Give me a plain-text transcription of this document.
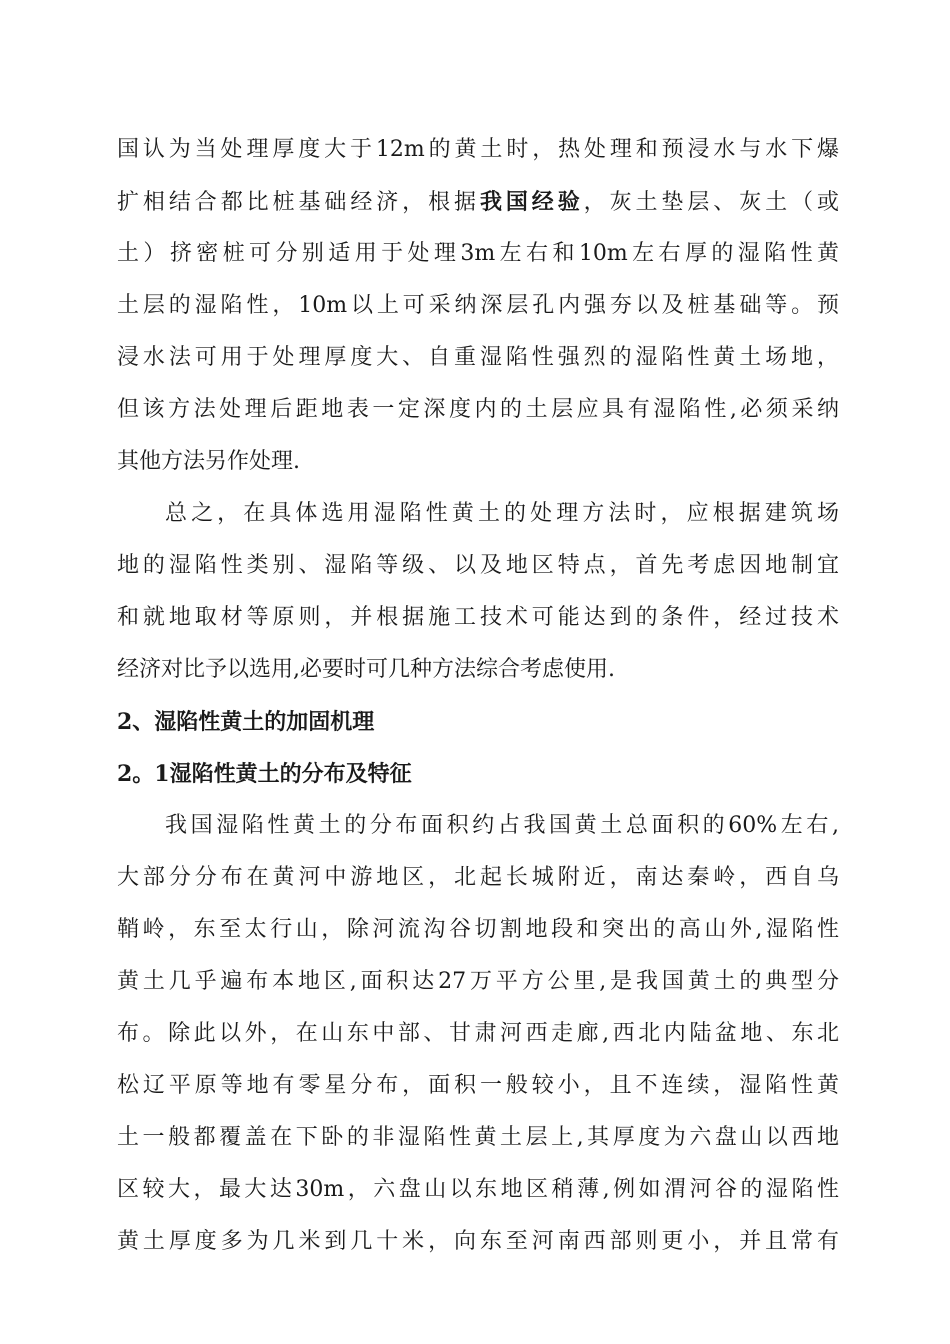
国认为当处理厚度大于12m的黄土时，热处理和预浸水与水下爆
扩相结合都比桩基础经济，根据我国经验，灰土垫层、灰土（或
土）挤密桩可分别适用于处理3m左右和10m左右厚的湿陷性黄
土层的湿陷性，10m以上可采纳深层孔内强夯以及桩基础等。预
浸水法可用于处理厚度大、自重湿陷性强烈的湿陷性黄土场地，
但该方法处理后距地表一定深度内的土层应具有湿陷性,必须采纳
其他方法另作处理.
总之，在具体选用湿陷性黄土的处理方法时，应根据建筑场
地的湿陷性类别、湿陷等级、以及地区特点，首先考虑因地制宜
和就地取材等原则，并根据施工技术可能达到的条件，经过技术
经济对比予以选用,必要时可几种方法综合考虑使用.
2、湿陷性黄土的加固机理
2。1湿陷性黄土的分布及特征
我国湿陷性黄土的分布面积约占我国黄土总面积的60%左右,
大部分分布在黄河中游地区，北起长城附近，南达秦岭，西自乌
鞘岭，东至太行山，除河流沟谷切割地段和突出的高山外,湿陷性
黄土几乎遍布本地区,面积达27万平方公里,是我国黄土的典型分
布。除此以外，在山东中部、甘肃河西走廊,西北内陆盆地、东北
松辽平原等地有零星分布，面积一般较小，且不连续，湿陷性黄
土一般都覆盖在下卧的非湿陷性黄土层上,其厚度为六盘山以西地
区较大，最大达30m，六盘山以东地区稍薄,例如渭河谷的湿陷性
黄土厚度多为几米到几十米，向东至河南西部则更小，并且常有
